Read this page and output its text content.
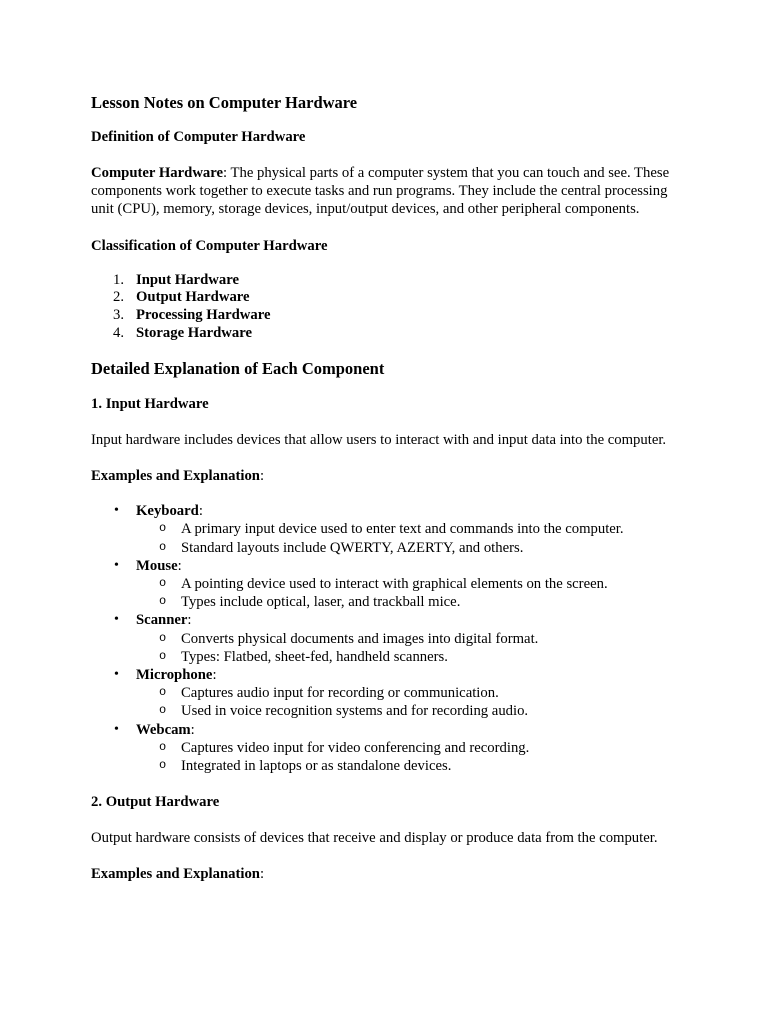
Lesson Notes on Computer Hardware
Definition of Computer Hardware

Computer Hardware: The physical parts of a computer system that you can touch and see. These components work together to execute tasks and run programs. They include the central processing unit (CPU), memory, storage devices, input/output devices, and other peripheral components.

Classification of Computer Hardware
1. Input Hardware
2. Output Hardware
3. Processing Hardware
4. Storage Hardware
Detailed Explanation of Each Component
1. Input Hardware

Input hardware includes devices that allow users to interact with and input data into the computer.

Examples and Explanation:

• Keyboard:
o A primary input device used to enter text and commands into the computer.
o Standard layouts include QWERTY, AZERTY, and others.
• Mouse:
o A pointing device used to interact with graphical elements on the screen.
o Types include optical, laser, and trackball mice.
• Scanner:
o Converts physical documents and images into digital format.
o Types: Flatbed, sheet-fed, handheld scanners.
• Microphone:
o Captures audio input for recording or communication.
o Used in voice recognition systems and for recording audio.
• Webcam:
o Captures video input for video conferencing and recording.
o Integrated in laptops or as standalone devices.
2. Output Hardware

Output hardware consists of devices that receive and display or produce data from the computer.

Examples and Explanation:
